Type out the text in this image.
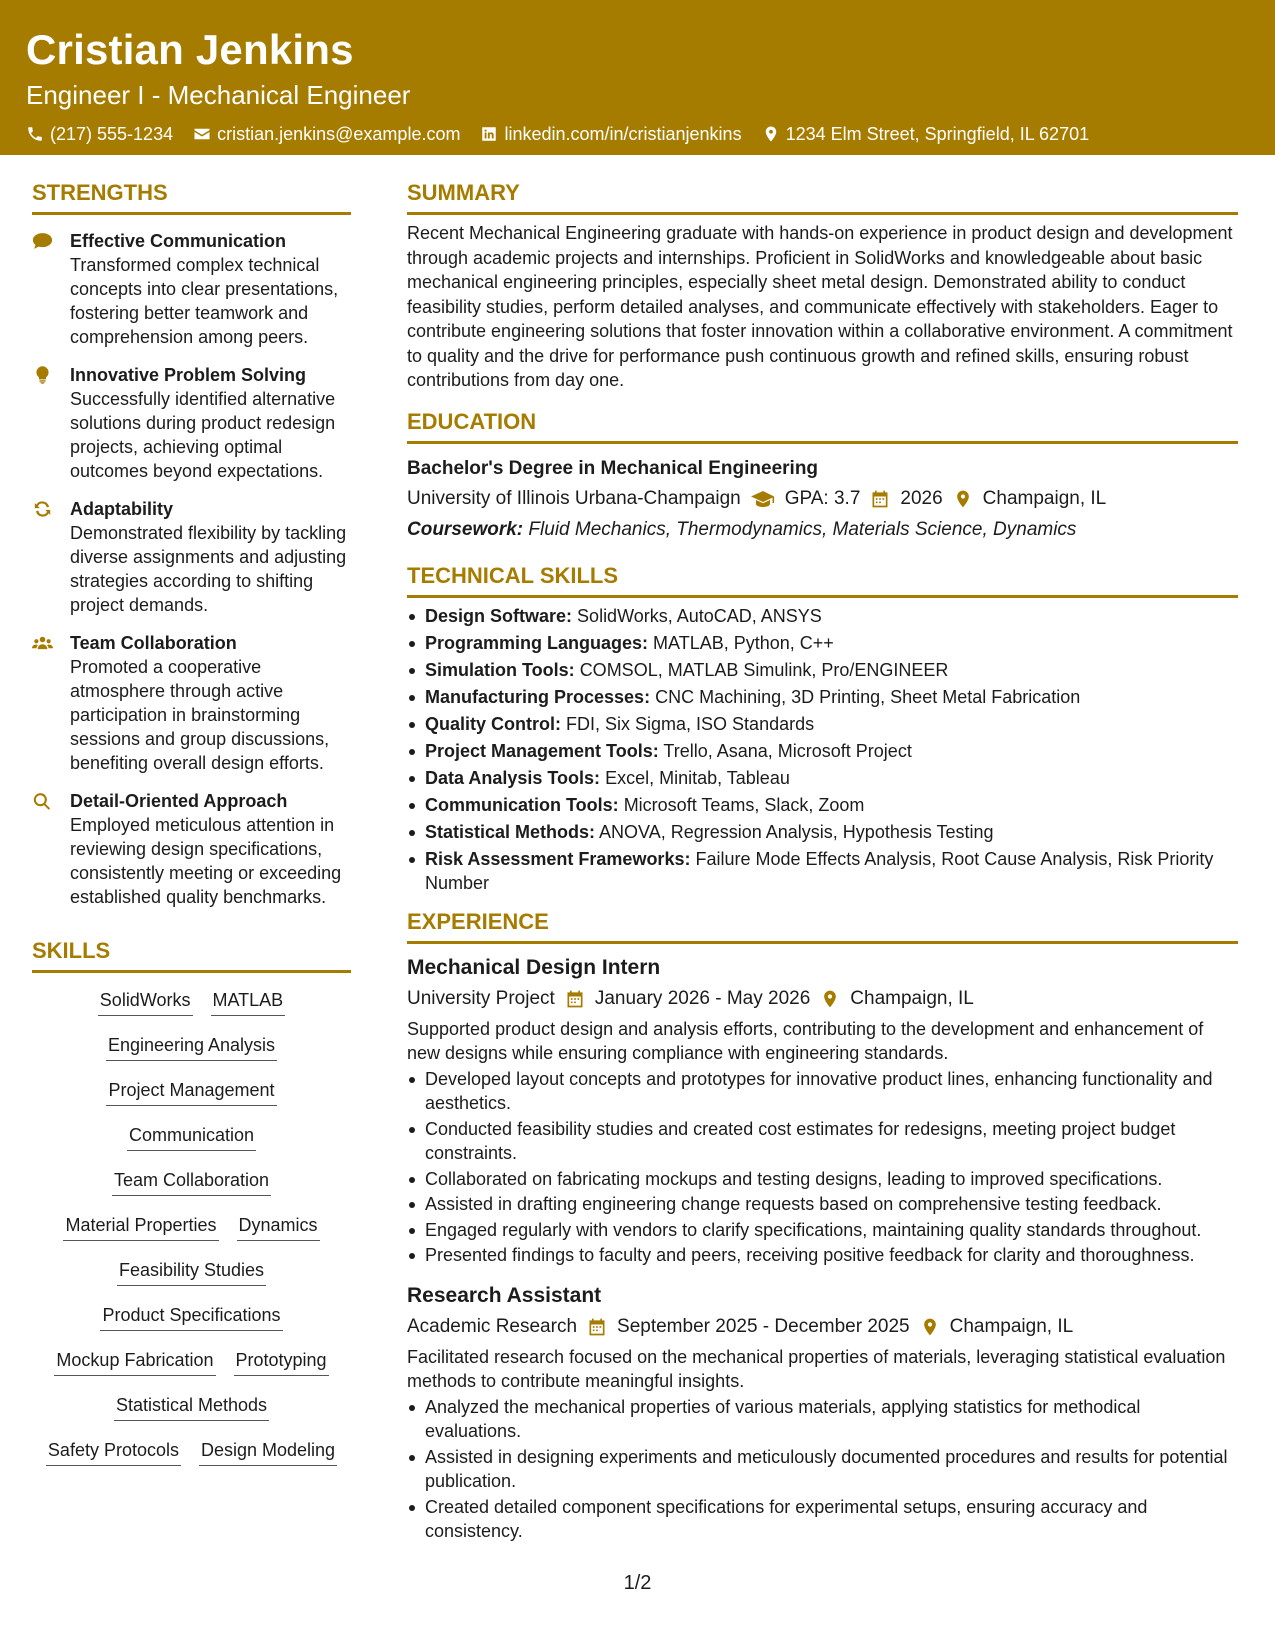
Cristian Jenkins
Engineer I - Mechanical Engineer
(217) 555-1234 cristian.jenkins@example.com linkedin.com/in/cristianjenkins 1234 Elm Street, Springfield, IL 62701
STRENGTHS
Effective Communication
Transformed complex technical concepts into clear presentations, fostering better teamwork and comprehension among peers.
Innovative Problem Solving
Successfully identified alternative solutions during product redesign projects, achieving optimal outcomes beyond expectations.
Adaptability
Demonstrated flexibility by tackling diverse assignments and adjusting strategies according to shifting project demands.
Team Collaboration
Promoted a cooperative atmosphere through active participation in brainstorming sessions and group discussions, benefiting overall design efforts.
Detail-Oriented Approach
Employed meticulous attention in reviewing design specifications, consistently meeting or exceeding established quality benchmarks.
SKILLS
SolidWorks MATLAB
Engineering Analysis
Project Management
Communication
Team Collaboration
Material Properties Dynamics
Feasibility Studies
Product Specifications
Mockup Fabrication Prototyping
Statistical Methods
Safety Protocols Design Modeling
SUMMARY
Recent Mechanical Engineering graduate with hands-on experience in product design and development through academic projects and internships. Proficient in SolidWorks and knowledgeable about basic mechanical engineering principles, especially sheet metal design. Demonstrated ability to conduct feasibility studies, perform detailed analyses, and communicate effectively with stakeholders. Eager to contribute engineering solutions that foster innovation within a collaborative environment. A commitment to quality and the drive for performance push continuous growth and refined skills, ensuring robust contributions from day one.
EDUCATION
Bachelor's Degree in Mechanical Engineering
University of Illinois Urbana-Champaign GPA: 3.7 2026 Champaign, IL
Coursework: Fluid Mechanics, Thermodynamics, Materials Science, Dynamics
TECHNICAL SKILLS
Design Software: SolidWorks, AutoCAD, ANSYS
Programming Languages: MATLAB, Python, C++
Simulation Tools: COMSOL, MATLAB Simulink, Pro/ENGINEER
Manufacturing Processes: CNC Machining, 3D Printing, Sheet Metal Fabrication
Quality Control: FDI, Six Sigma, ISO Standards
Project Management Tools: Trello, Asana, Microsoft Project
Data Analysis Tools: Excel, Minitab, Tableau
Communication Tools: Microsoft Teams, Slack, Zoom
Statistical Methods: ANOVA, Regression Analysis, Hypothesis Testing
Risk Assessment Frameworks: Failure Mode Effects Analysis, Root Cause Analysis, Risk Priority Number
EXPERIENCE
Mechanical Design Intern
University Project January 2026 - May 2026 Champaign, IL
Supported product design and analysis efforts, contributing to the development and enhancement of new designs while ensuring compliance with engineering standards.
Developed layout concepts and prototypes for innovative product lines, enhancing functionality and aesthetics.
Conducted feasibility studies and created cost estimates for redesigns, meeting project budget constraints.
Collaborated on fabricating mockups and testing designs, leading to improved specifications.
Assisted in drafting engineering change requests based on comprehensive testing feedback.
Engaged regularly with vendors to clarify specifications, maintaining quality standards throughout.
Presented findings to faculty and peers, receiving positive feedback for clarity and thoroughness.
Research Assistant
Academic Research September 2025 - December 2025 Champaign, IL
Facilitated research focused on the mechanical properties of materials, leveraging statistical evaluation methods to contribute meaningful insights.
Analyzed the mechanical properties of various materials, applying statistics for methodical evaluations.
Assisted in designing experiments and meticulously documented procedures and results for potential publication.
Created detailed component specifications for experimental setups, ensuring accuracy and consistency.
1/2
